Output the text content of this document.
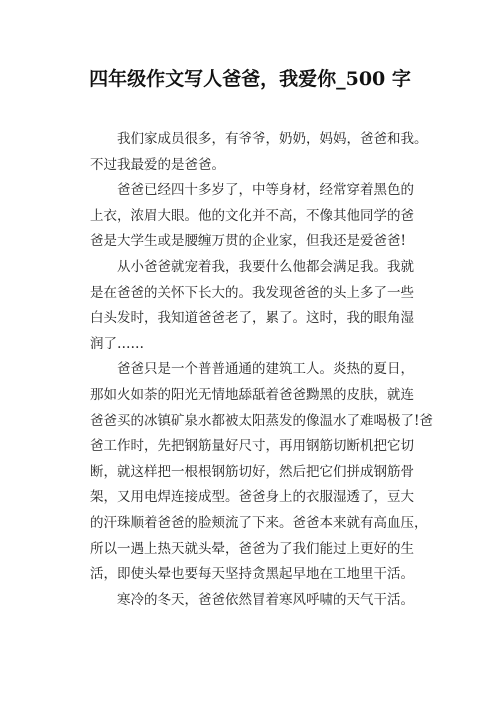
四年级作文写人爸爸，我爱你_500 字

我们家成员很多，有爷爷，奶奶，妈妈，爸爸和我。
不过我最爱的是爸爸。

爸爸已经四十多岁了，中等身材，经常穿着黑色的
上衣，浓眉大眼。他的文化并不高，不像其他同学的爸
爸是大学生或是腰缠万贯的企业家，但我还是爱爸爸!

从小爸爸就宠着我，我要什么他都会满足我。我就
是在爸爸的关怀下长大的。我发现爸爸的头上多了一些
白头发时，我知道爸爸老了，累了。这时，我的眼角湿
润了……

爸爸只是一个普普通通的建筑工人。炎热的夏日，
那如火如荼的阳光无情地舔舐着爸爸黝黑的皮肤，就连
爸爸买的冰镇矿泉水都被太阳蒸发的像温水了难喝极了!爸
爸工作时，先把钢筋量好尺寸，再用钢筋切断机把它切
断，就这样把一根根钢筋切好，然后把它们拼成钢筋骨
架，又用电焊连接成型。爸爸身上的衣服湿透了，豆大
的汗珠顺着爸爸的脸颊流了下来。爸爸本来就有高血压，
所以一遇上热天就头晕，爸爸为了我们能过上更好的生
活，即使头晕也要每天坚持贪黑起早地在工地里干活。

寒冷的冬天，爸爸依然冒着寒风呼啸的天气干活。
